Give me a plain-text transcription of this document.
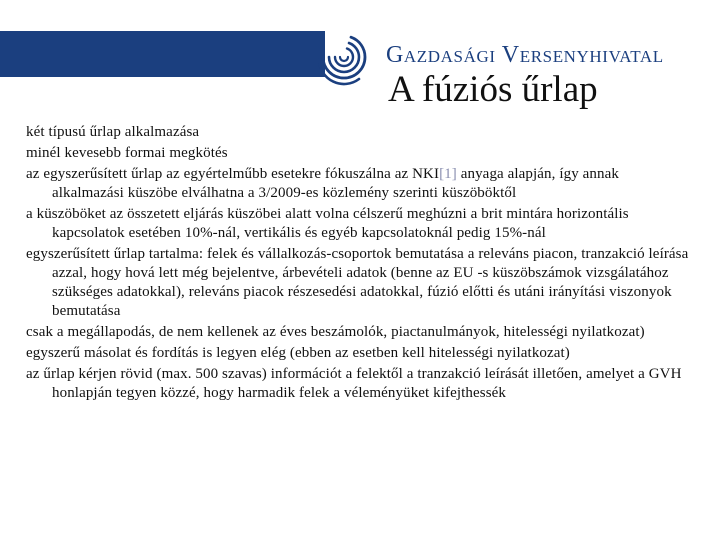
Gazdasági Versenyhivatal
A fúziós űrlap

két típusú űrlap alkalmazása

minél kevesebb formai megkötés

az egyszerűsített űrlap az egyértelműbb esetekre fókuszálna az NKI[1] anyaga alapján, így annak alkalmazási küszöbe elválhatna a 3/2009-es közlemény szerinti küszöböktől

a küszöböket az összetett eljárás küszöbei alatt volna célszerű meghúzni a brit mintára horizontális kapcsolatok esetében 10%-nál, vertikális és egyéb kapcsolatoknál pedig 15%-nál

egyszerűsített űrlap tartalma: felek és vállalkozás-csoportok bemutatása a releváns piacon, tranzakció leírása azzal, hogy hová lett még bejelentve, árbevételi adatok (benne az EU -s küszöbszámok vizsgálatához szükséges adatokkal), releváns piacok részesedési adatokkal, fúzió előtti és utáni irányítási viszonyok bemutatása

csak a megállapodás, de nem kellenek az éves beszámolók, piactanulmányok, hitelességi nyilatkozat)

egyszerű másolat és fordítás is legyen elég (ebben az esetben kell hitelességi nyilatkozat)

az űrlap kérjen rövid (max. 500 szavas) információt a felektől a tranzakció leírását illetően, amelyet a GVH honlapján tegyen közzé, hogy harmadik felek a véleményüket kifejthessék
